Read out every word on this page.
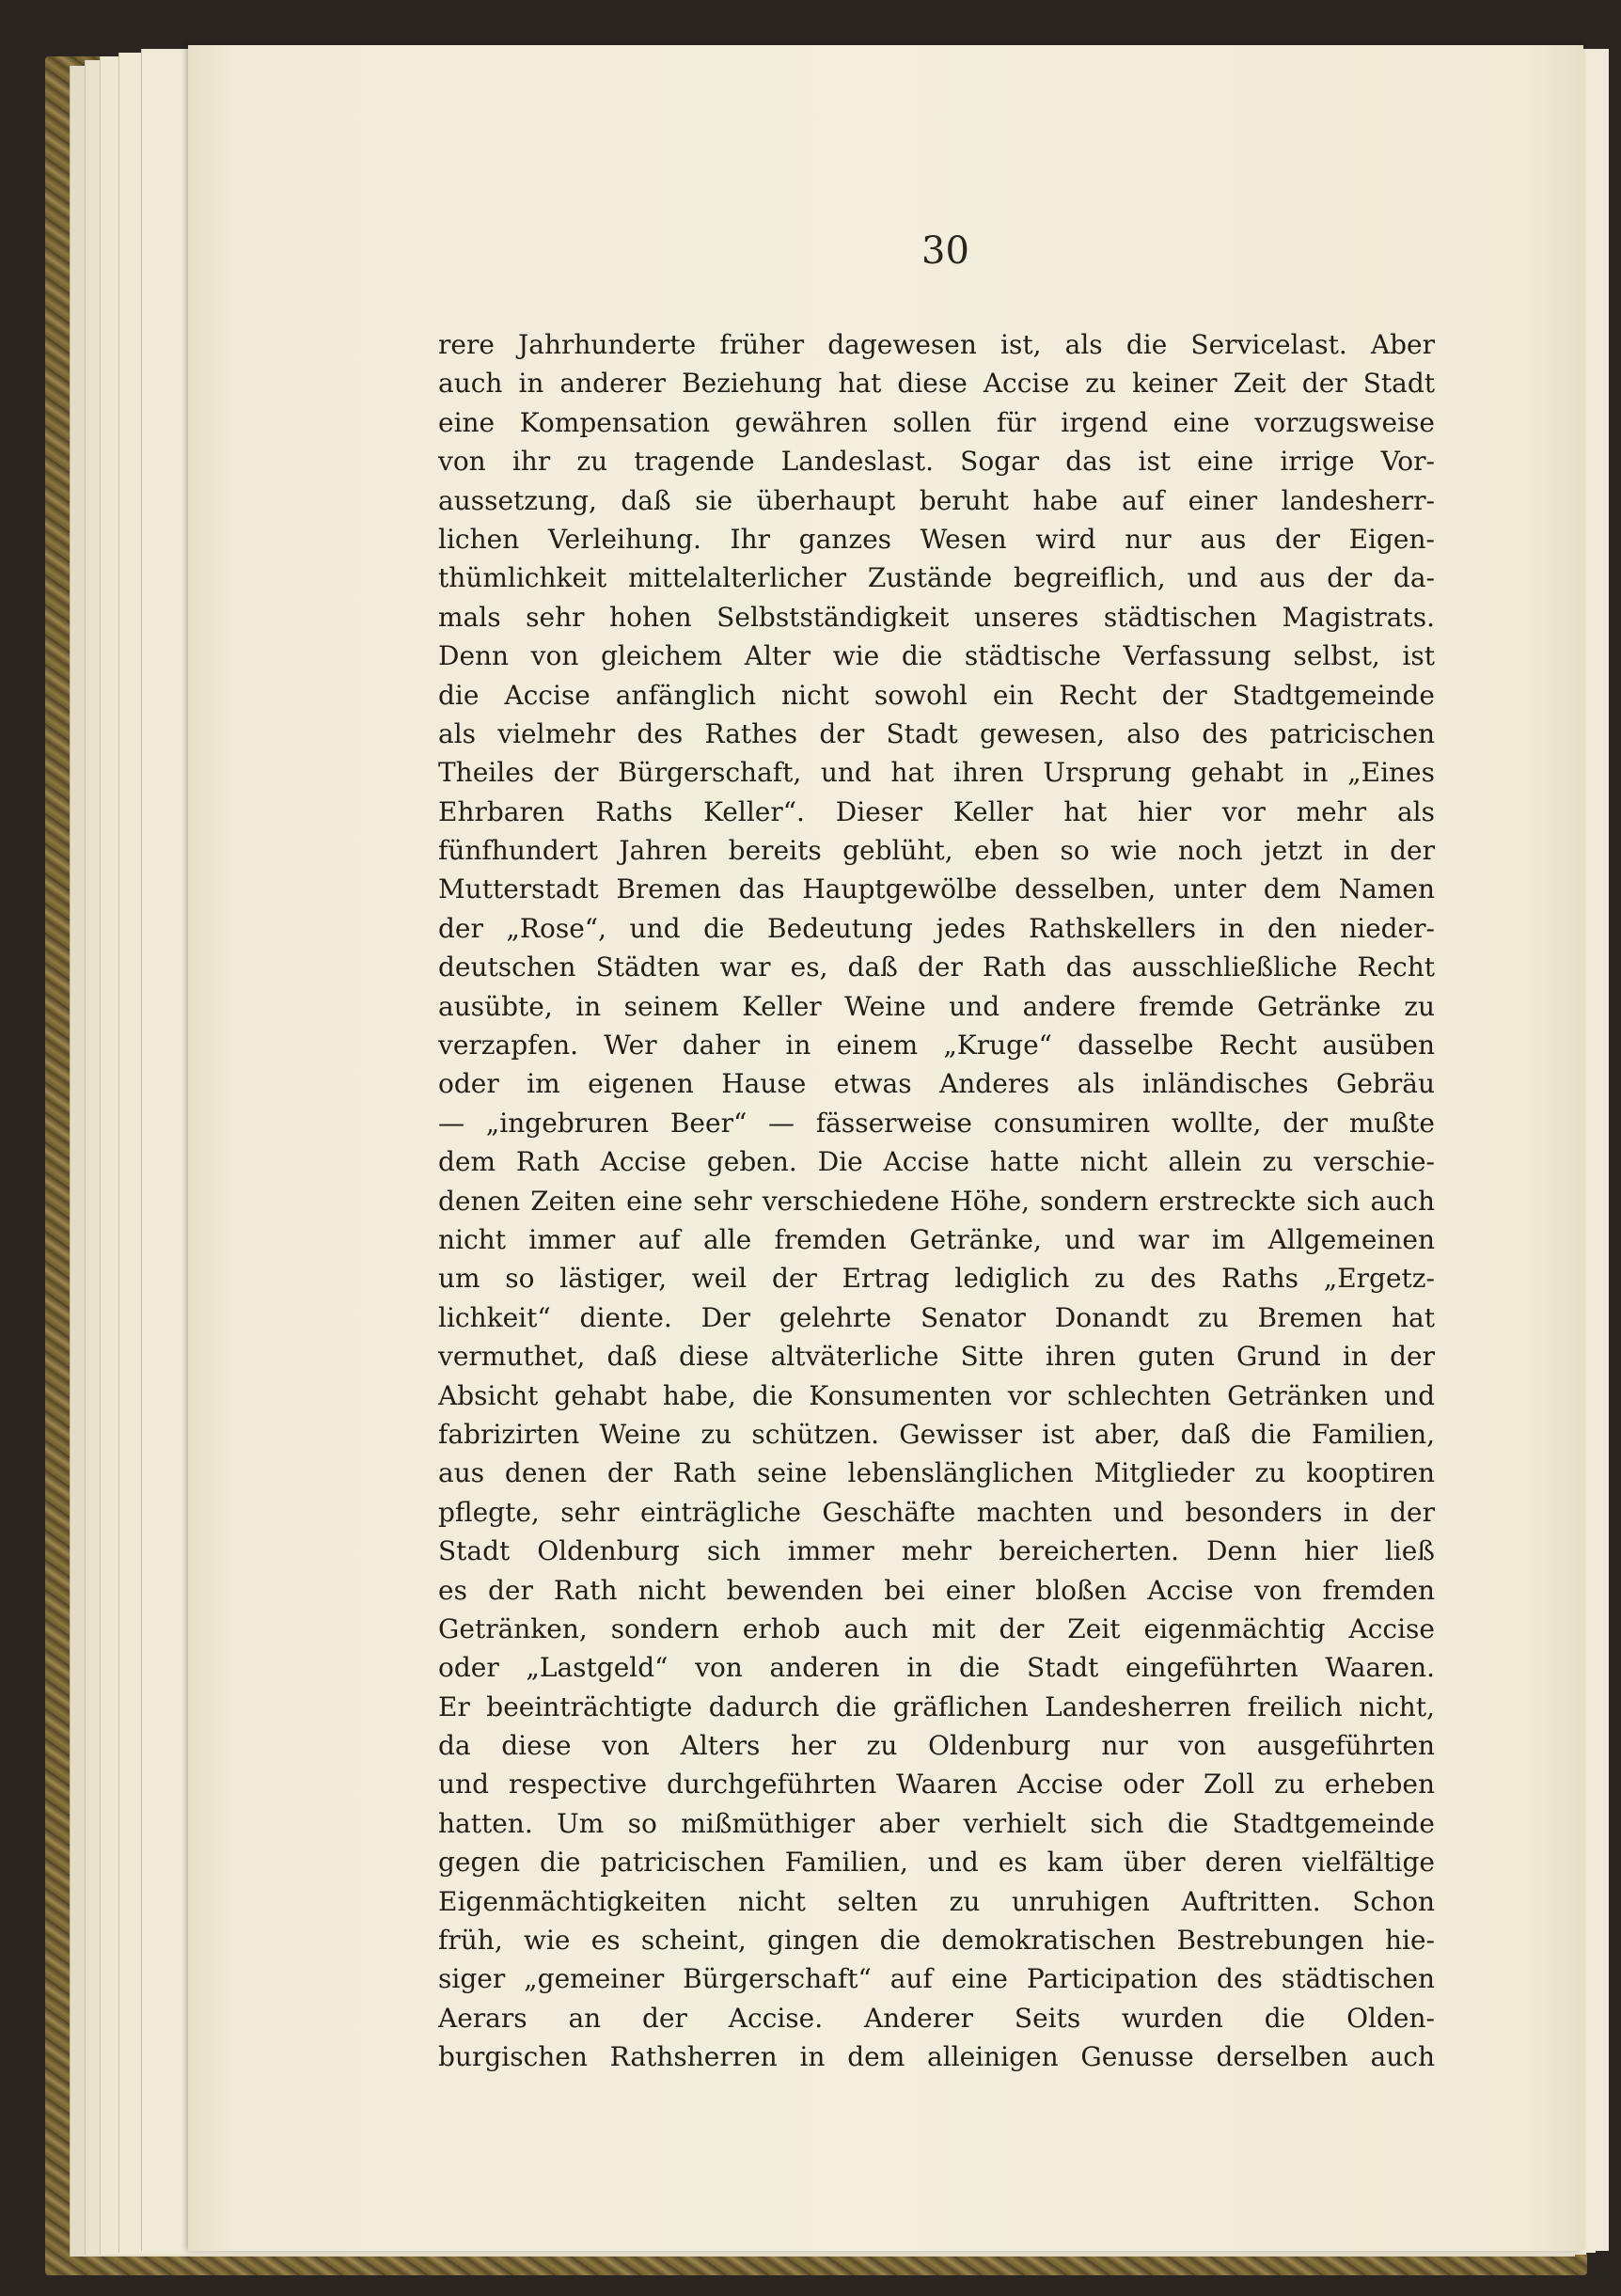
30
rere Jahrhunderte früher dagewesen ist, als die Servicelast. Aber
auch in anderer Beziehung hat diese Accise zu keiner Zeit der Stadt
eine Kompensation gewähren sollen für irgend eine vorzugsweise
von ihr zu tragende Landeslast. Sogar das ist eine irrige Vor-
aussetzung, daß sie überhaupt beruht habe auf einer landesherr-
lichen Verleihung. Ihr ganzes Wesen wird nur aus der Eigen-
thümlichkeit mittelalterlicher Zustände begreiflich, und aus der da-
mals sehr hohen Selbstständigkeit unseres städtischen Magistrats.
Denn von gleichem Alter wie die städtische Verfassung selbst, ist
die Accise anfänglich nicht sowohl ein Recht der Stadtgemeinde
als vielmehr des Rathes der Stadt gewesen, also des patricischen
Theiles der Bürgerschaft, und hat ihren Ursprung gehabt in „Eines
Ehrbaren Raths Keller“. Dieser Keller hat hier vor mehr als
fünfhundert Jahren bereits geblüht, eben so wie noch jetzt in der
Mutterstadt Bremen das Hauptgewölbe desselben, unter dem Namen
der „Rose“, und die Bedeutung jedes Rathskellers in den nieder-
deutschen Städten war es, daß der Rath das ausschließliche Recht
ausübte, in seinem Keller Weine und andere fremde Getränke zu
verzapfen. Wer daher in einem „Kruge“ dasselbe Recht ausüben
oder im eigenen Hause etwas Anderes als inländisches Gebräu
— „ingebruren Beer“ — fässerweise consumiren wollte, der mußte
dem Rath Accise geben. Die Accise hatte nicht allein zu verschie-
denen Zeiten eine sehr verschiedene Höhe, sondern erstreckte sich auch
nicht immer auf alle fremden Getränke, und war im Allgemeinen
um so lästiger, weil der Ertrag lediglich zu des Raths „Ergetz-
lichkeit“ diente. Der gelehrte Senator Donandt zu Bremen hat
vermuthet, daß diese altväterliche Sitte ihren guten Grund in der
Absicht gehabt habe, die Konsumenten vor schlechten Getränken und
fabrizirten Weine zu schützen. Gewisser ist aber, daß die Familien,
aus denen der Rath seine lebenslänglichen Mitglieder zu kooptiren
pflegte, sehr einträgliche Geschäfte machten und besonders in der
Stadt Oldenburg sich immer mehr bereicherten. Denn hier ließ
es der Rath nicht bewenden bei einer bloßen Accise von fremden
Getränken, sondern erhob auch mit der Zeit eigenmächtig Accise
oder „Lastgeld“ von anderen in die Stadt eingeführten Waaren.
Er beeinträchtigte dadurch die gräflichen Landesherren freilich nicht,
da diese von Alters her zu Oldenburg nur von ausgeführten
und respective durchgeführten Waaren Accise oder Zoll zu erheben
hatten. Um so mißmüthiger aber verhielt sich die Stadtgemeinde
gegen die patricischen Familien, und es kam über deren vielfältige
Eigenmächtigkeiten nicht selten zu unruhigen Auftritten. Schon
früh, wie es scheint, gingen die demokratischen Bestrebungen hie-
siger „gemeiner Bürgerschaft“ auf eine Participation des städtischen
Aerars an der Accise. Anderer Seits wurden die Olden-
burgischen Rathsherren in dem alleinigen Genusse derselben auch
